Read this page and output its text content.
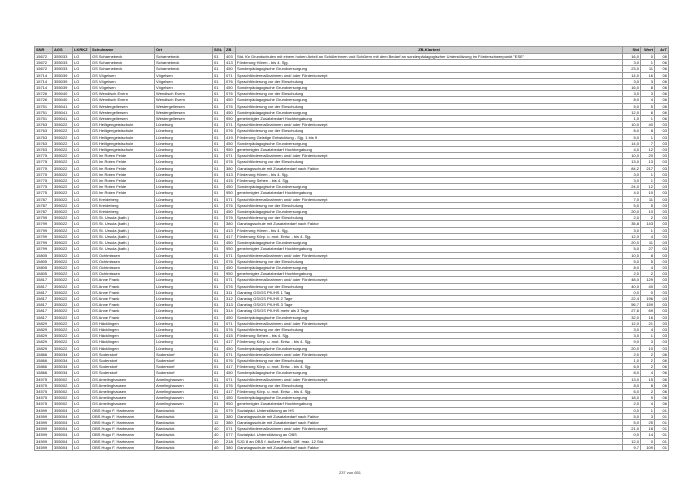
SNR	AGS	LKRKZ	Schulname	Ort	SGL	ZB	ZB-Klartext	Std	Wert	ArT
15672	355033	LG	GS Scharnebeck	Scharnebeck	01	403	Std. für Grundschulen mit einem hohen Anteil an Schülerinnen und Schülern mit dem Bedarf an sonderpädagogischer Unterstützung im Förderschwerpunkt "ESE"	16,0	0	06
15672	355033	LG	GS Scharnebeck	Scharnebeck	01	413	Förderung Hören - bis 4. Sjg.	3,0	1	06
15672	355033	LG	GS Scharnebeck	Scharnebeck	01	450	Sonderpädagogische Grundversorgung	23,0	11	06
15714	355039	LG	GS Vögelsen	Vögelsen	01	071	Sprachfördermaßnahmen und/ oder Förderkonzept	14,0	16	06
15714	355039	LG	GS Vögelsen	Vögelsen	01	076	Sprachförderung vor der Einschulung	3,0	3	06
15714	355039	LG	GS Vögelsen	Vögelsen	01	450	Sonderpädagogische Grundversorgung	16,0	8	06
15726	355040	LG	GS Wendisch Evern	Wendisch Evern	01	076	Sprachförderung vor der Einschulung	3,0	3	06
15726	355040	LG	GS Wendisch Evern	Wendisch Evern	01	450	Sonderpädagogische Grundversorgung	8,0	4	06
15751	355041	LG	GS Westergellersen	Westergellersen	01	076	Sprachförderung vor der Einschulung	5,0	5	06
15751	355041	LG	GS Westergellersen	Westergellersen	01	450	Sonderpädagogische Grundversorgung	12,0	6	06
15751	355041	LG	GS Westergellersen	Westergellersen	01	950	genehmigter Zusatzbedarf Hochbegabung	1,0	1	06
15763	355022	LG	GS Heiligengeistschule	Lüneburg	01	071	Sprachfördermaßnahmen und/ oder Förderkonzept	10,0	40	03
15763	355022	LG	GS Heiligengeistschule	Lüneburg	01	076	Sprachförderung vor der Einschulung	8,0	8	03
15763	355022	LG	GS Heiligengeistschule	Lüneburg	01	419	Förderung Geistige Entwicklung - Sjg. 1 bis 9	5,0	1	03
15763	355022	LG	GS Heiligengeistschule	Lüneburg	01	450	Sonderpädagogische Grundversorgung	14,0	7	03
15763	355022	LG	GS Heiligengeistschule	Lüneburg	01	950	genehmigter Zusatzbedarf Hochbegabung	4,0	12	03
15775	355022	LG	GS Im Roten Felde	Lüneburg	01	071	Sprachfördermaßnahmen und/ oder Förderkonzept	10,0	20	03
15775	355022	LG	GS Im Roten Felde	Lüneburg	01	076	Sprachförderung vor der Einschulung	13,0	13	03
15775	355022	LG	GS Im Roten Felde	Lüneburg	01	380	Ganztagsschule mit Zusatzbedarf nach Faktor	84,2	217	03
15775	355022	LG	GS Im Roten Felde	Lüneburg	01	413	Förderung Hören - bis 4. Sjg.	3,0	1	03
15775	355022	LG	GS Im Roten Felde	Lüneburg	01	415	Förderung Sehen - bis 4. Sjg.	3,0	1	03
15775	355022	LG	GS Im Roten Felde	Lüneburg	01	450	Sonderpädagogische Grundversorgung	24,0	12	03
15775	355022	LG	GS Im Roten Felde	Lüneburg	01	950	genehmigter Zusatzbedarf Hochbegabung	4,0	10	03
15787	355022	LG	GS Kreideberg	Lüneburg	01	071	Sprachfördermaßnahmen und/ oder Förderkonzept	7,0	11	03
15787	355022	LG	GS Kreideberg	Lüneburg	01	076	Sprachförderung vor der Einschulung	5,0	5	03
15787	355022	LG	GS Kreideberg	Lüneburg	01	450	Sonderpädagogische Grundversorgung	20,0	10	03
15799	355022	LG	GS St. Ursula (kath.)	Lüneburg	01	076	Sprachförderung vor der Einschulung	2,0	2	03
15799	355022	LG	GS St. Ursula (kath.)	Lüneburg	01	380	Ganztagsschule mit Zusatzbedarf nach Faktor	35,8	143	03
15799	355022	LG	GS St. Ursula (kath.)	Lüneburg	01	413	Förderung Hören - bis 4. Sjg.	3,0	1	03
15799	355022	LG	GS St. Ursula (kath.)	Lüneburg	01	417	Förderung Körp. u. mot. Entw. - bis 4. Sjg.	12,0	4	03
15799	355022	LG	GS St. Ursula (kath.)	Lüneburg	01	450	Sonderpädagogische Grundversorgung	20,0	11	03
15799	355022	LG	GS St. Ursula (kath.)	Lüneburg	01	950	genehmigter Zusatzbedarf Hochbegabung	5,0	27	03
15805	355022	LG	GS Ochtmissen	Lüneburg	01	071	Sprachfördermaßnahmen und/ oder Förderkonzept	10,0	8	03
15805	355022	LG	GS Ochtmissen	Lüneburg	01	076	Sprachförderung vor der Einschulung	5,0	5	03
15805	355022	LG	GS Ochtmissen	Lüneburg	01	450	Sonderpädagogische Grundversorgung	8,0	4	03
15805	355022	LG	GS Ochtmissen	Lüneburg	01	950	genehmigter Zusatzbedarf Hochbegabung	2,0	2	03
15817	355022	LG	GS Anne Frank	Lüneburg	01	071	Sprachfördermaßnahmen und/ oder Förderkonzept	48,0	129	03
15817	355022	LG	GS Anne Frank	Lüneburg	01	076	Sprachförderung vor der Einschulung	40,0	40	03
15817	355022	LG	GS Anne Frank	Lüneburg	01	311	Ganztag GS/GS Pfl./HS 1 Tag	0,0	0	03
15817	355022	LG	GS Anne Frank	Lüneburg	01	312	Ganztag GS/GS Pfl./HS 2 Tage	22,4	196	03
15817	355022	LG	GS Anne Frank	Lüneburg	01	313	Ganztag GS/GS Pfl./HS 3 Tage	56,7	159	03
15817	355022	LG	GS Anne Frank	Lüneburg	01	314	Ganztag GS/GS Pfl./HS mehr als 3 Tage	27,6	69	03
15817	355022	LG	GS Anne Frank	Lüneburg	01	450	Sonderpädagogische Grundversorgung	32,0	16	03
15829	355022	LG	GS Häcklingen	Lüneburg	01	071	Sprachfördermaßnahmen und/ oder Förderkonzept	12,0	21	03
15829	355022	LG	GS Häcklingen	Lüneburg	01	076	Sprachförderung vor der Einschulung	3,0	4	03
15829	355022	LG	GS Häcklingen	Lüneburg	01	415	Förderung Sehen - bis 4. Sjg.	3,0	1	03
15829	355022	LG	GS Häcklingen	Lüneburg	01	417	Förderung Körp. u. mot. Entw. - bis 4. Sjg.	9,0	3	03
15829	355022	LG	GS Häcklingen	Lüneburg	01	450	Sonderpädagogische Grundversorgung	20,0	10	03
15866	355034	LG	GS Soderstorf	Soderstorf	01	071	Sprachfördermaßnahmen und/ oder Förderkonzept	2,0	2	06
15866	355034	LG	GS Soderstorf	Soderstorf	01	076	Sprachförderung vor der Einschulung	1,0	2	06
15866	355034	LG	GS Soderstorf	Soderstorf	01	417	Förderung Körp. u. mot. Entw. - bis 4. Sjg.	6,0	2	06
15866	355034	LG	GS Soderstorf	Soderstorf	01	450	Sonderpädagogische Grundversorgung	8,0	4	06
34575	355002	LG	GS Amelinghausen	Amelinghausen	01	071	Sprachfördermaßnahmen und/ oder Förderkonzept	13,0	15	06
34575	355002	LG	GS Amelinghausen	Amelinghausen	01	076	Sprachförderung vor der Einschulung	8,0	8	06
34575	355002	LG	GS Amelinghausen	Amelinghausen	01	417	Förderung Körp. u. mot. Entw. - bis 4. Sjg.	6,0	2	06
34575	355002	LG	GS Amelinghausen	Amelinghausen	01	450	Sonderpädagogische Grundversorgung	18,0	9	06
34575	355002	LG	GS Amelinghausen	Amelinghausen	01	950	genehmigter Zusatzbedarf Hochbegabung	2,0	4	06
34599	355004	LG	OBS Hugo F. Hartmann	Bardowick	11	079	Sozialpäd. Unterstützung an HS	0,0	1	01
34599	355004	LG	OBS Hugo F. Hartmann	Bardowick	11	380	Ganztagsschule mit Zusatzbedarf nach Faktor	5,0	3	01
34599	355004	LG	OBS Hugo F. Hartmann	Bardowick	12	380	Ganztagsschule mit Zusatzbedarf nach Faktor	5,0	25	01
34599	355004	LG	OBS Hugo F. Hartmann	Bardowick	40	071	Sprachfördermaßnahmen und/ oder Förderkonzept	21,0	18	01
34599	355004	LG	OBS Hugo F. Hartmann	Bardowick	40	077	Sozialpäd. Unterstützung an OBS	0,0	14	01
34599	355004	LG	OBS Hugo F. Hartmann	Bardowick	40	218	SJG 8 an OBS f. äußere Fachl. Diff. max. 12 Std.	12,0	0	01
34599	355004	LG	OBS Hugo F. Hartmann	Bardowick	40	380	Ganztagsschule mit Zusatzbedarf nach Faktor	9,7	109	01
237 von 651
